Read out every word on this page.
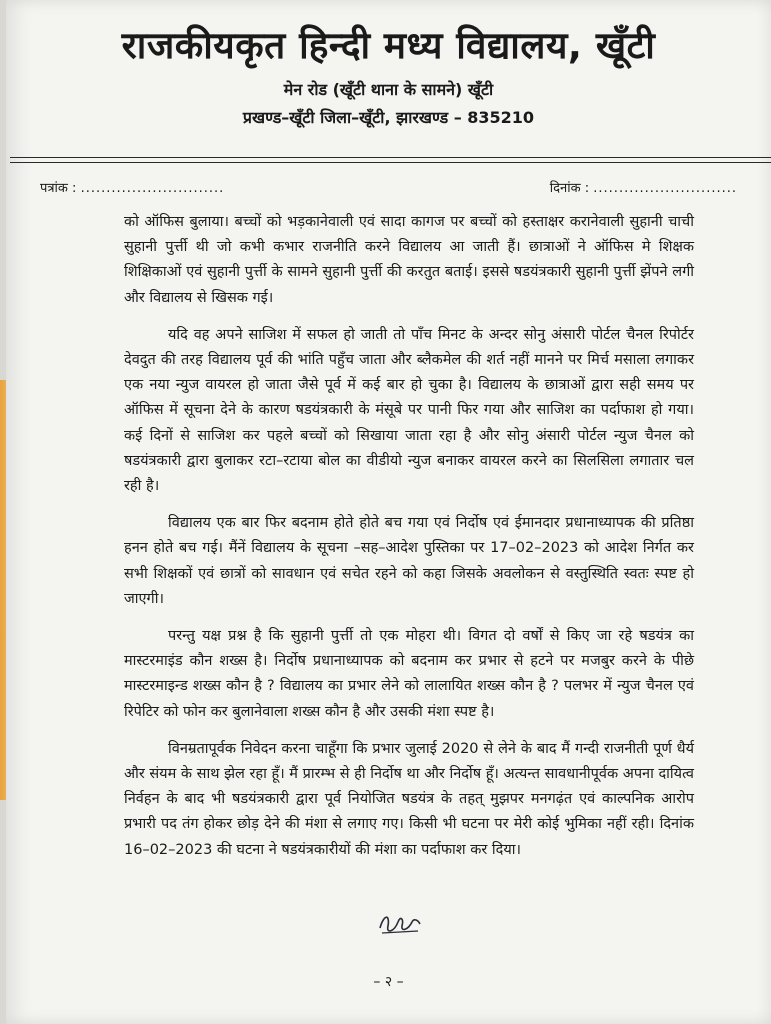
राजकीयकृत हिन्दी मध्य विद्यालय, खूँटी
मेन रोड (खूँटी थाना के सामने) खूँटी
प्रखण्ड–खूँटी जिला–खूँटी, झारखण्ड – 835210
पत्रांक : ............................	दिनांक : ............................

को ऑफिस बुलाया। बच्चों को भड़कानेवाली एवं सादा कागज पर बच्चों को हस्ताक्षर करानेवाली सुहानी चाची सुहानी पुर्त्ती थी जो कभी कभार राजनीति करने विद्यालय आ जाती हैं। छात्राओं ने ऑफिस मे शिक्षक शिक्षिकाओं एवं सुहानी पुर्त्ती के सामने सुहानी पुर्त्ती की करतुत बताई। इससे षडयंत्रकारी सुहानी पुर्त्ती झेंपने लगी और विद्यालय से खिसक गई।

यदि वह अपने साजिश में सफल हो जाती तो पाँच मिनट के अन्दर सोनु अंसारी पोर्टल चैनल रिपोर्टर देवदुत की तरह विद्यालय पूर्व की भांति पहुँच जाता और ब्लैकमेल की शर्त नहीं मानने पर मिर्च मसाला लगाकर एक नया न्युज वायरल हो जाता जैसे पूर्व में कई बार हो चुका है। विद्यालय के छात्राओं द्वारा सही समय पर ऑफिस में सूचना देने के कारण षडयंत्रकारी के मंसूबे पर पानी फिर गया और साजिश का पर्दाफाश हो गया। कई दिनों से साजिश कर पहले बच्चों को सिखाया जाता रहा है और सोनु अंसारी पोर्टल न्युज चैनल को षडयंत्रकारी द्वारा बुलाकर रटा–रटाया बोल का वीडीयो न्युज बनाकर वायरल करने का सिलसिला लगातार चल रही है।

विद्यालय एक बार फिर बदनाम होते होते बच गया एवं निर्दोष एवं ईमानदार प्रधानाध्यापक की प्रतिष्ठा हनन होते बच गई। मैंनें विद्यालय के सूचना –सह–आदेश पुस्तिका पर 17–02–2023 को आदेश निर्गत कर सभी शिक्षकों एवं छात्रों को सावधान एवं सचेत रहने को कहा जिसके अवलोकन से वस्तुस्थिति स्वतः स्पष्ट हो जाएगी।

परन्तु यक्ष प्रश्न है कि सुहानी पुर्त्ती तो एक मोहरा थी। विगत दो वर्षों से किए जा रहे षडयंत्र का मास्टरमाइंड कौन शख्स है। निर्दोष प्रधानाध्यापक को बदनाम कर प्रभार से हटने पर मजबुर करने के पीछे मास्टरमाइन्ड शख्स कौन है ? विद्यालय का प्रभार लेने को लालायित शख्स कौन है ? पलभर में न्युज चैनल एवं रिपेटिर को फोन कर बुलानेवाला शख्स कौन है और उसकी मंशा स्पष्ट है।

विनम्रतापूर्वक निवेदन करना चाहूँगा कि प्रभार जुलाई 2020 से लेने के बाद मैं गन्दी राजनीती पूर्ण धैर्य और संयम के साथ झेल रहा हूँ। मैं प्रारम्भ से ही निर्दोष था और निर्दोष हूँ। अत्यन्त सावधानीपूर्वक अपना दायित्व निर्वहन के बाद भी षडयंत्रकारी द्वारा पूर्व नियोजित षडयंत्र के तहत् मुझपर मनगढ़ंत एवं काल्पनिक आरोप प्रभारी पद तंग होकर छोड़ देने की मंशा से लगाए गए। किसी भी घटना पर मेरी कोई भुमिका नहीं रही। दिनांक 16–02–2023 की घटना ने षडयंत्रकारीयों की मंशा का पर्दाफाश कर दिया।

– २ –
